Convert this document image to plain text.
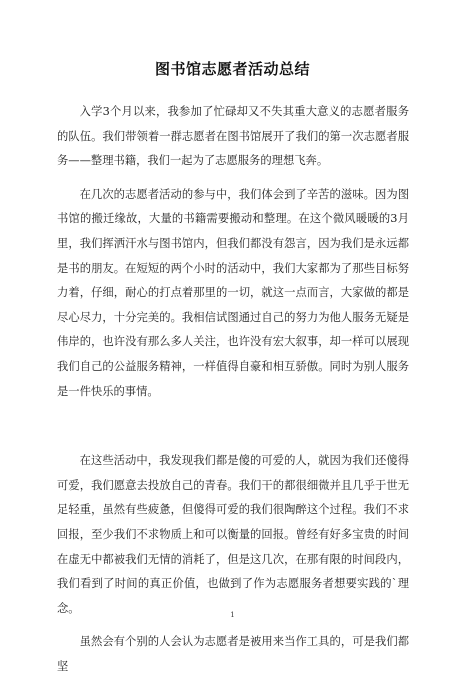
图书馆志愿者活动总结

入学3个月以来，我参加了忙碌却又不失其重大意义的志愿者服务的队伍。我们带领着一群志愿者在图书馆展开了我们的第一次志愿者服务——整理书籍，我们一起为了志愿服务的理想飞奔。

在几次的志愿者活动的参与中，我们体会到了辛苦的滋味。因为图书馆的搬迁缘故，大量的书籍需要搬动和整理。在这个微风暖暖的3月里，我们挥洒汗水与图书馆内，但我们都没有怨言，因为我们是永远都是书的朋友。在短短的两个小时的活动中，我们大家都为了那些目标努力着，仔细，耐心的打点着那里的一切，就这一点而言，大家做的都是尽心尽力，十分完美的。我相信试图通过自己的努力为他人服务无疑是伟岸的，也许没有那么多人关注，也许没有宏大叙事，却一样可以展现我们自己的公益服务精神，一样值得自豪和相互骄傲。同时为别人服务是一件快乐的事情。

在这些活动中，我发现我们都是傻的可爱的人，就因为我们还傻得可爱，我们愿意去投放自己的青春。我们干的都很细微并且几乎于世无足轻重，虽然有些疲惫，但傻得可爱的我们很陶醉这个过程。我们不求回报，至少我们不求物质上和可以衡量的回报。曾经有好多宝贵的时间在虚无中都被我们无情的消耗了，但是这几次，在那有限的时间段内，我们看到了时间的真正价值，也做到了作为志愿服务者想要实践的`理念。

虽然会有个别的人会认为志愿者是被用来当作工具的，可是我们都坚

1
